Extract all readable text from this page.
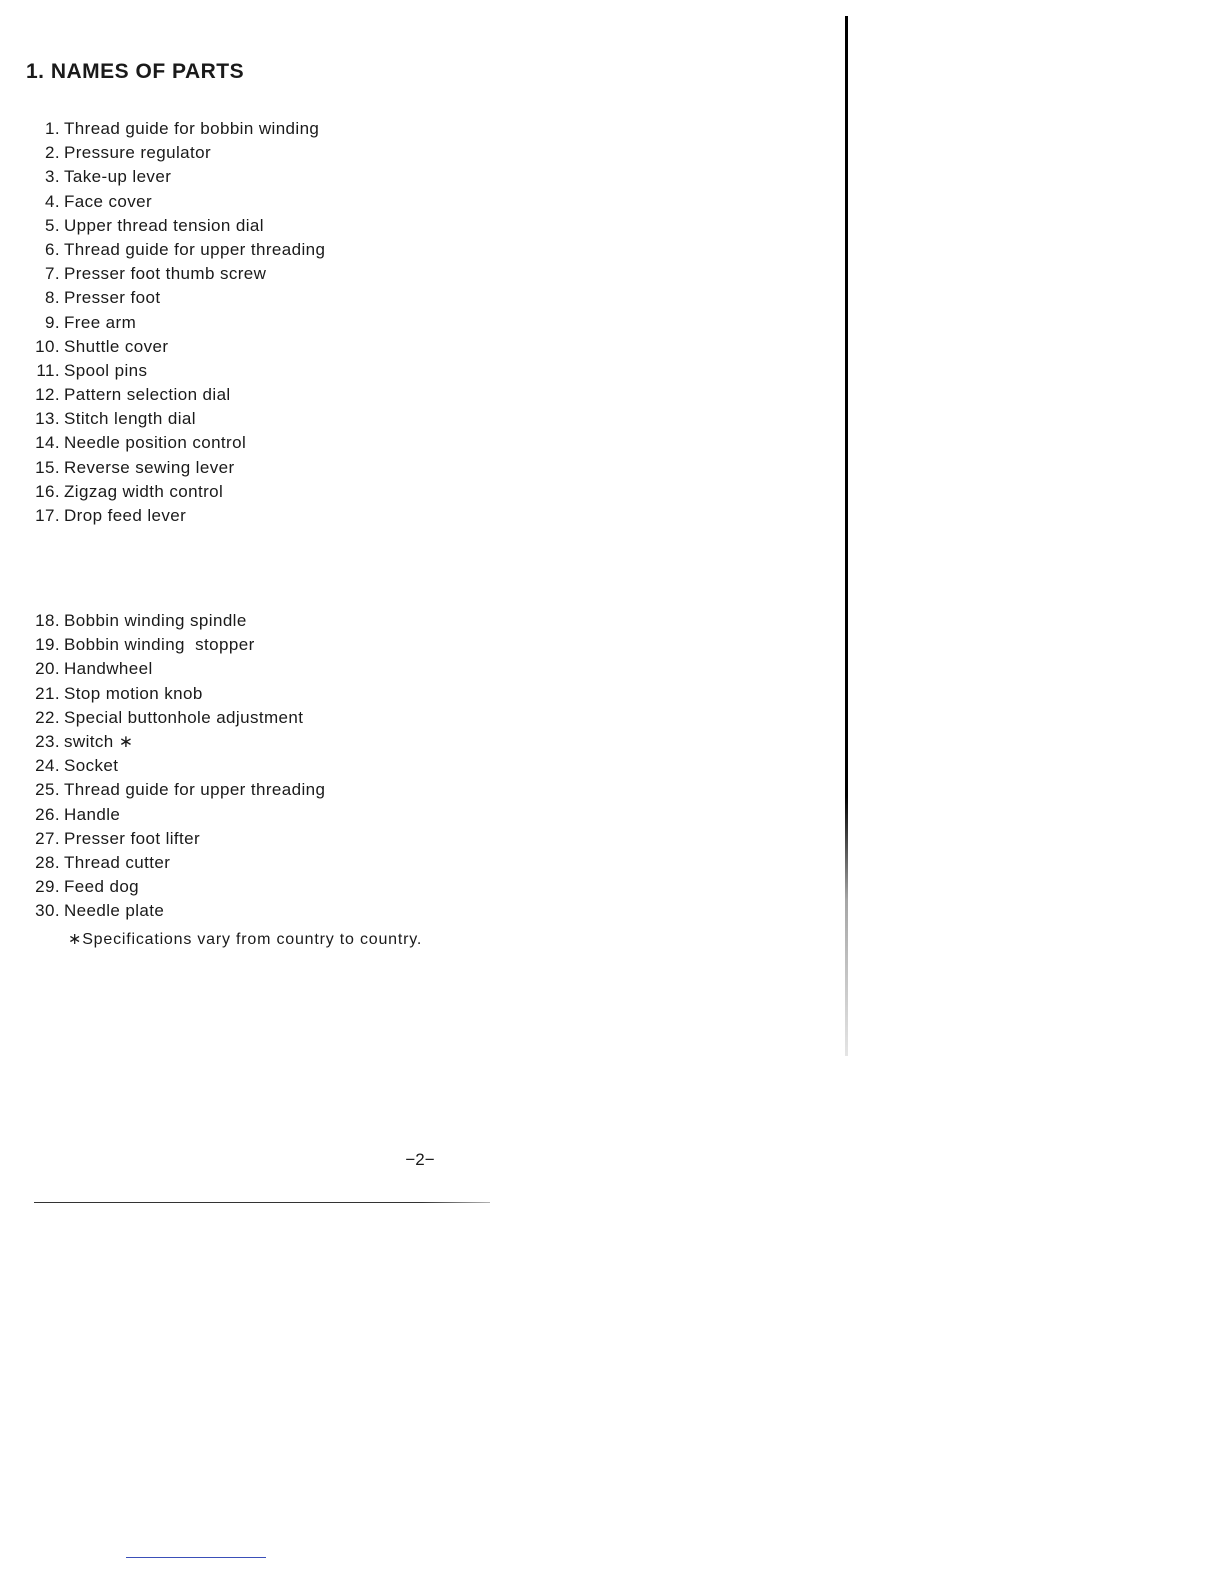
1. NAMES OF PARTS
1 . Thread guide for bobbin winding
2 . Pressure regulator
3 . Take-up lever
4 . Face cover
5 . Upper thread tension dial
6 . Thread guide for upper threading
7 . Presser foot thumb screw
8 . Presser foot
9 . Free arm
10 . Shuttle cover
11 . Spool pins
12 . Pattern selection dial
13 . Stitch length dial
14 . Needle position control
15 . Reverse sewing lever
16 . Zigzag width control
17 . Drop feed lever
18 . Bobbin winding spindle
19 . Bobbin winding  stopper
20 . Handwheel
21 . Stop motion knob
22 . Special buttonhole adjustment
23 . switch ∗
24 . Socket
25 . Thread guide for upper threading
26 . Handle
27 . Presser foot lifter
28 . Thread cutter
29 . Feed dog
30 . Needle plate
∗Specifications vary from country to country.
−2−
